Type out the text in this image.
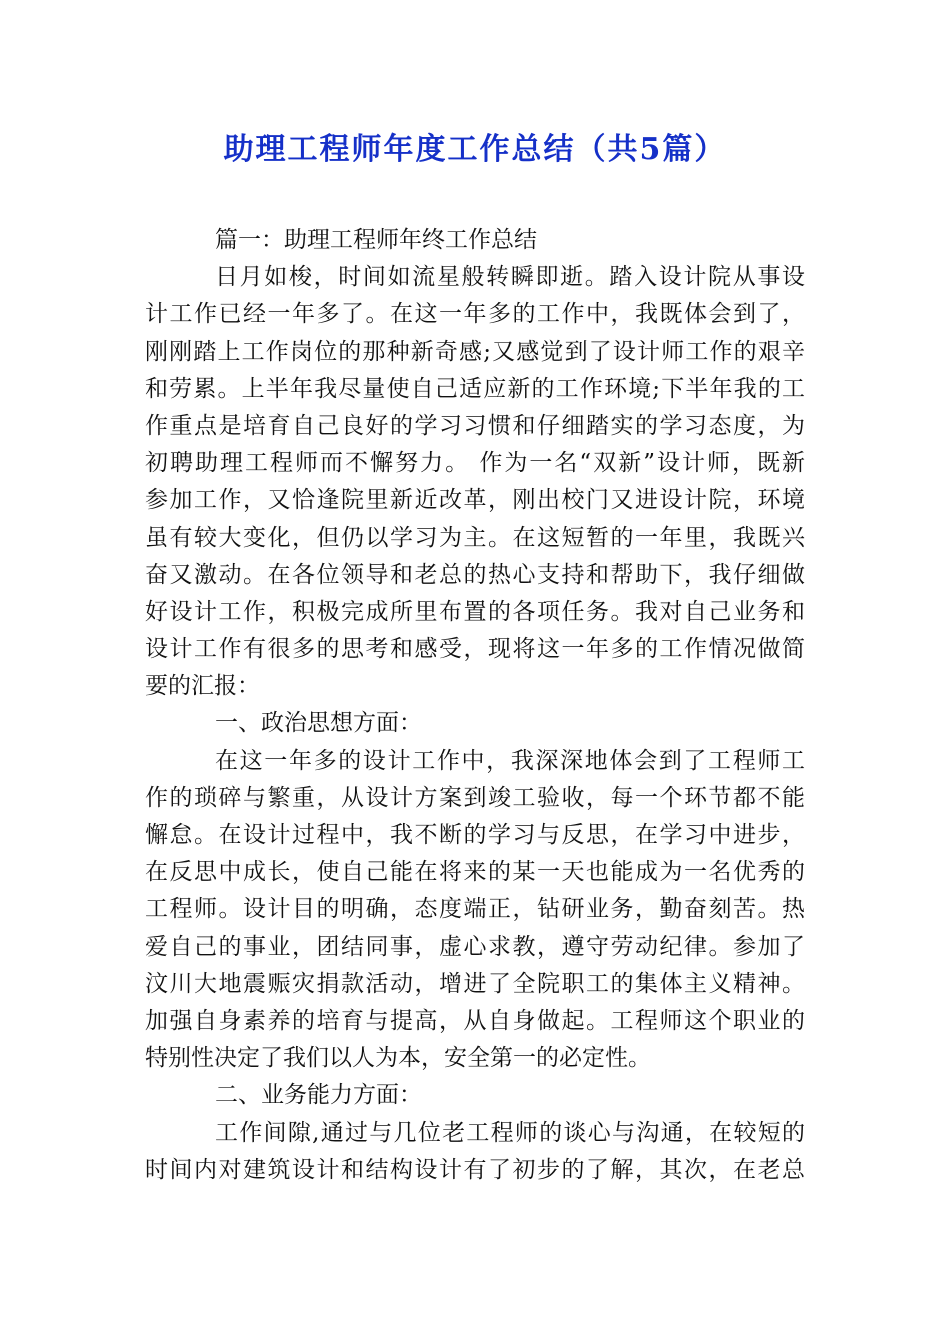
助理工程师年度工作总结（共5篇）
篇一：助理工程师年终工作总结
日月如梭，时间如流星般转瞬即逝。踏入设计院从事设
计工作已经一年多了。在这一年多的工作中，我既体会到了，
刚刚踏上工作岗位的那种新奇感;又感觉到了设计师工作的艰辛
和劳累。上半年我尽量使自己适应新的工作环境;下半年我的工
作重点是培育自己良好的学习习惯和仔细踏实的学习态度，为
初聘助理工程师而不懈努力。 作为一名“双新”设计师，既新
参加工作，又恰逢院里新近改革，刚出校门又进设计院，环境
虽有较大变化，但仍以学习为主。在这短暂的一年里，我既兴
奋又激动。在各位领导和老总的热心支持和帮助下，我仔细做
好设计工作，积极完成所里布置的各项任务。我对自己业务和
设计工作有很多的思考和感受，现将这一年多的工作情况做简
要的汇报：
一、政治思想方面：
在这一年多的设计工作中，我深深地体会到了工程师工
作的琐碎与繁重，从设计方案到竣工验收，每一个环节都不能
懈怠。在设计过程中，我不断的学习与反思，在学习中进步，
在反思中成长，使自己能在将来的某一天也能成为一名优秀的
工程师。设计目的明确，态度端正，钻研业务，勤奋刻苦。热
爱自己的事业，团结同事，虚心求教，遵守劳动纪律。参加了
汶川大地震赈灾捐款活动，增进了全院职工的集体主义精神。
加强自身素养的培育与提高，从自身做起。工程师这个职业的
特别性决定了我们以人为本，安全第一的必定性。
二、业务能力方面：
工作间隙,通过与几位老工程师的谈心与沟通，在较短的
时间内对建筑设计和结构设计有了初步的了解，其次，在老总
